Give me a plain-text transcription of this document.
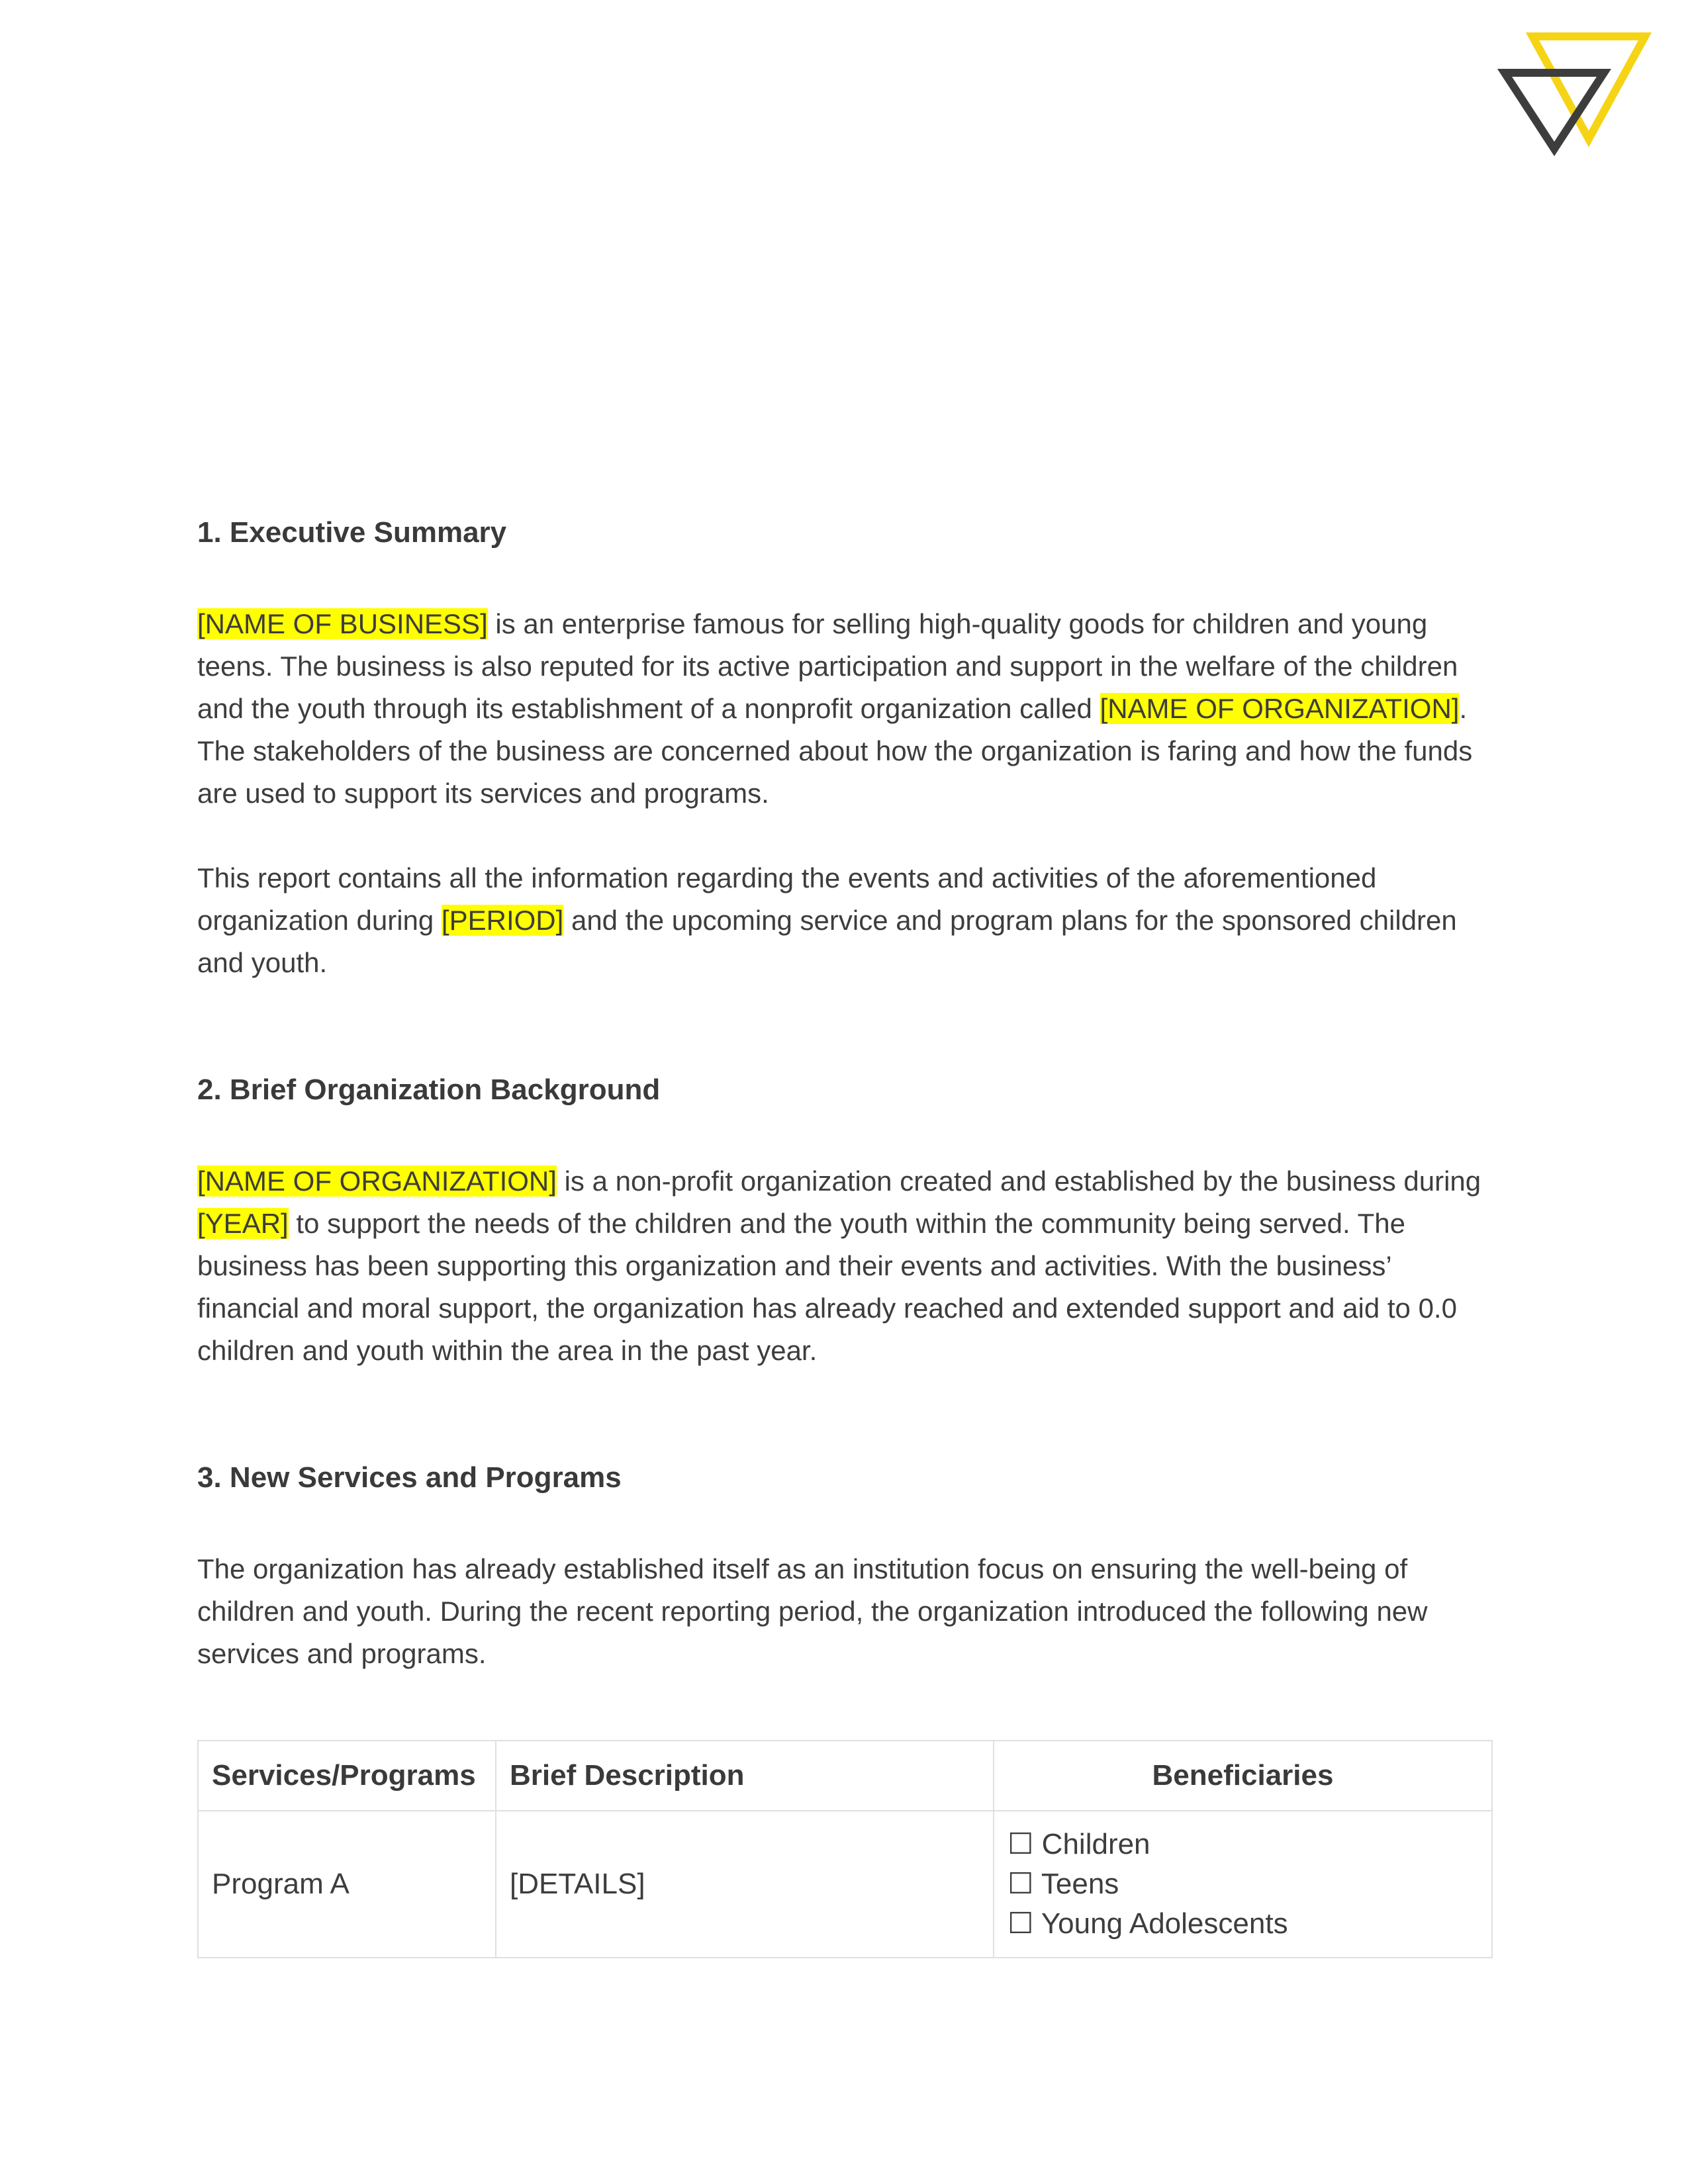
1. Executive Summary

[NAME OF BUSINESS] is an enterprise famous for selling high-quality goods for children and young teens. The business is also reputed for its active participation and support in the welfare of the children and the youth through its establishment of a nonprofit organization called [NAME OF ORGANIZATION]. The stakeholders of the business are concerned about how the organization is faring and how the funds are used to support its services and programs.

This report contains all the information regarding the events and activities of the aforementioned organization during [PERIOD] and the upcoming service and program plans for the sponsored children and youth.

2. Brief Organization Background

[NAME OF ORGANIZATION] is a non-profit organization created and established by the business during [YEAR] to support the needs of the children and the youth within the community being served. The business has been supporting this organization and their events and activities. With the business’ financial and moral support, the organization has already reached and extended support and aid to 0.0 children and youth within the area in the past year.

3. New Services and Programs

The organization has already established itself as an institution focus on ensuring the well-being of children and youth. During the recent reporting period, the organization introduced the following new services and programs.

Services/Programs	Brief Description	Beneficiaries
Program A	[DETAILS]	☐ Children
☐ Teens
☐ Young Adolescents
